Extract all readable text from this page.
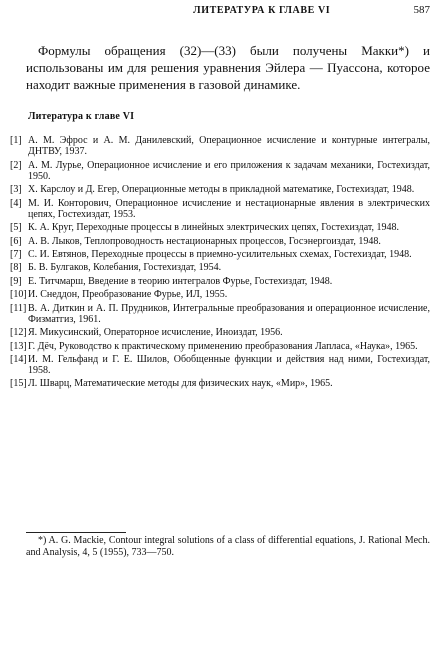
ЛИТЕРАТУРА К ГЛАВЕ VI	587

Формулы обращения (32)—(33) были получены Макки*) и использованы им для решения уравнения Эйлера — Пуассона, которое находит важные применения в газовой динамике.

Литература к главе VI
[1] А. М. Эфрос и А. М. Данилевский, Операционное исчисление и контурные интегралы, ДНТВУ, 1937.
[2] А. М. Лурье, Операционное исчисление и его приложения к задачам механики, Гостехиздат, 1950.
[3] Х. Карслоу и Д. Егер, Операционные методы в прикладной математике, Гостехиздат, 1948.
[4] М. И. Конторович, Операционное исчисление и нестационарные явления в электрических цепях, Гостехиздат, 1953.
[5] К. А. Круг, Переходные процессы в линейных электрических цепях, Гостехиздат, 1948.
[6] А. В. Лыков, Теплопроводность нестационарных процессов, Госэнергоиздат, 1948.
[7] С. И. Евтянов, Переходные процессы в приемно-усилительных схемах, Гостехиздат, 1948.
[8] Б. В. Булгаков, Колебания, Гостехиздат, 1954.
[9] Е. Титчмарш, Введение в теорию интегралов Фурье, Гостехиздат, 1948.
[10] И. Снеддон, Преобразование Фурье, ИЛ, 1955.
[11] В. А. Диткин и А. П. Прудников, Интегральные преобразования и операционное исчисление, Физматгиз, 1961.
[12] Я. Микусинский, Операторное исчисление, Иноиздат, 1956.
[13] Г. Дёч, Руководство к практическому применению преобразования Лапласа, «Наука», 1965.
[14] И. М. Гельфанд и Г. Е. Шилов, Обобщенные функции и действия над ними, Гостехиздат, 1958.
[15] Л. Шварц, Математические методы для физических наук, «Мир», 1965.

*) A. G. Mackie, Contour integral solutions of a class of differential equations, J. Rational Mech. and Analysis, 4, 5 (1955), 733—750.
